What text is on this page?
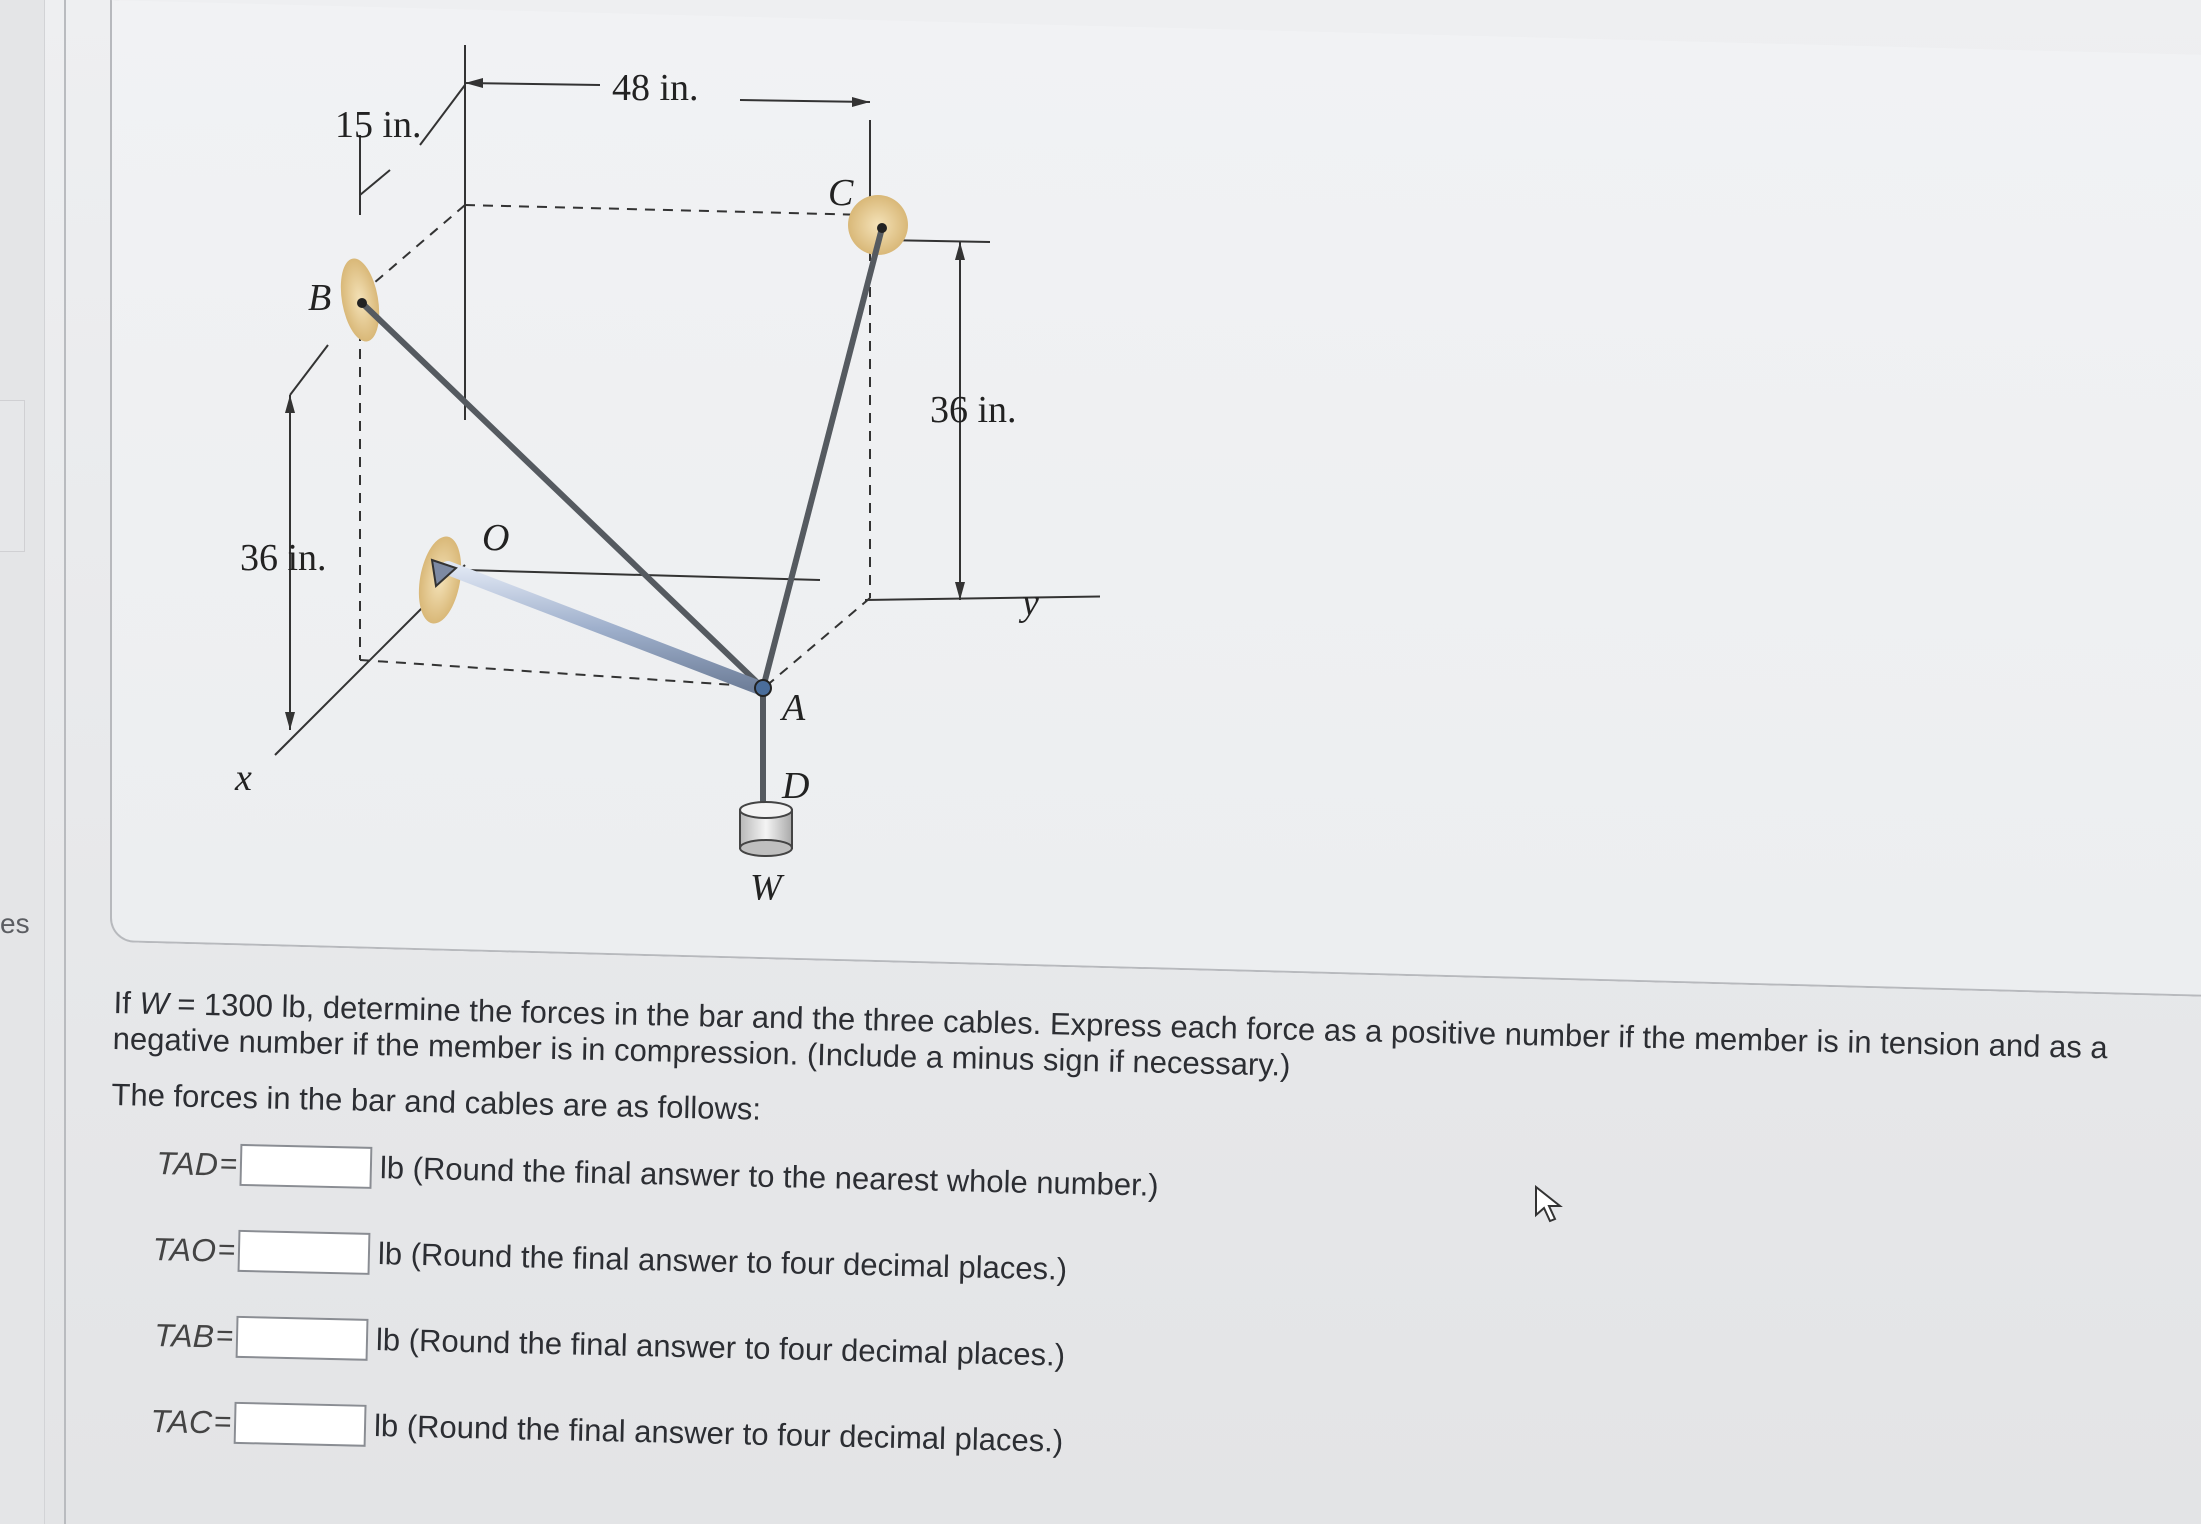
es
48 in.
15 in.
36 in.
36 in.
C
B
O
A
D
W
x
y

If W = 1300 lb, determine the forces in the bar and the three cables. Express each force as a positive number if the member is in tension and as a negative number if the member is in compression. (Include a minus sign if necessary.)

The forces in the bar and cables are as follows:

TAD =	lb (Round the final answer to the nearest whole number.)
TAO =	lb (Round the final answer to four decimal places.)
TAB =	lb (Round the final answer to four decimal places.)
TAC =	lb (Round the final answer to four decimal places.)
